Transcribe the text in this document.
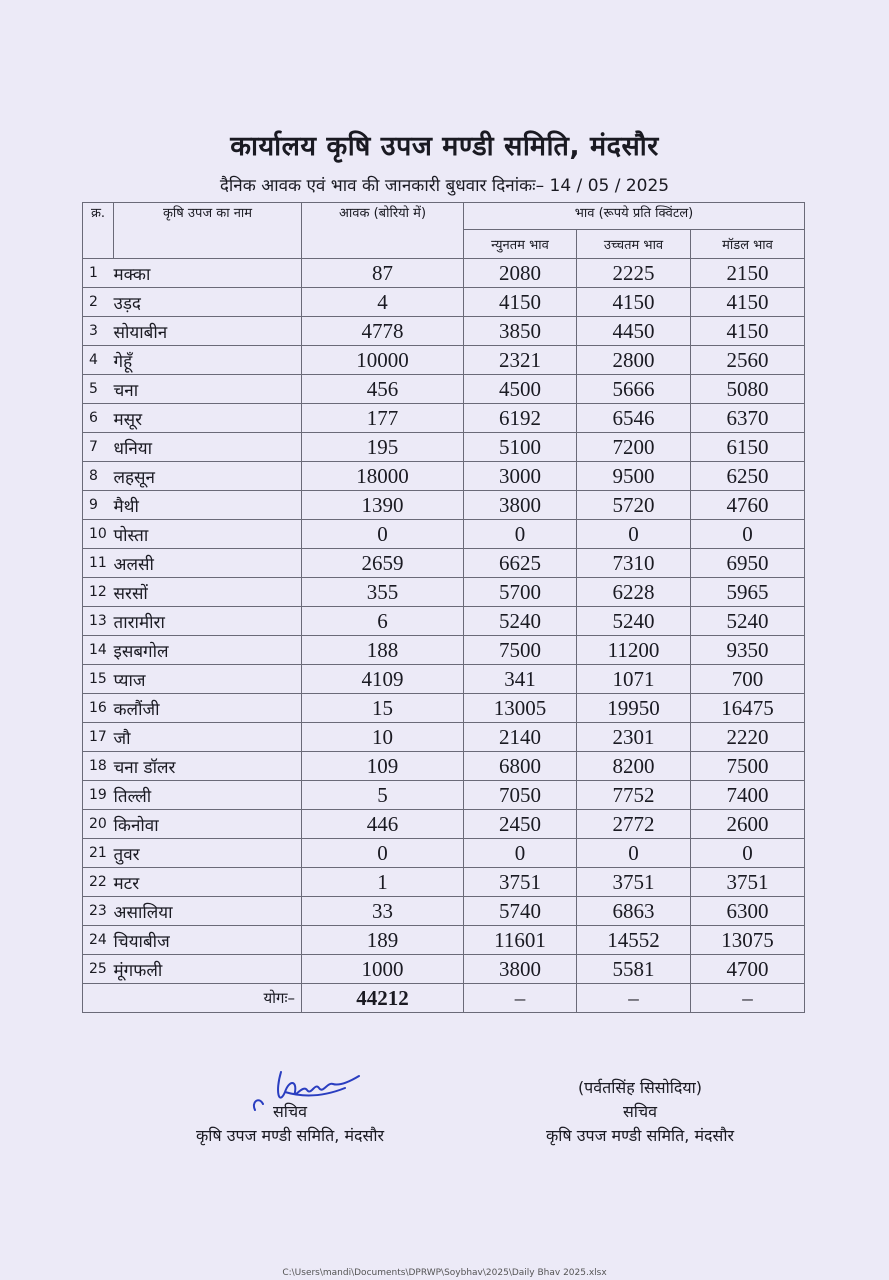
कार्यालय कृषि उपज मण्डी समिति, मंदसौर
दैनिक आवक एवं भाव की जानकारी बुधवार दिनांकः– 14 / 05 / 2025
क्र.	कृषि उपज का नाम	आवक (बोरियो में)	भाव (रूपये प्रति क्विंटल)		
			न्युनतम भाव	उच्चतम भाव	मॉडल भाव
1	मक्का	87	2080	2225	2150
2	उड़द	4	4150	4150	4150
3	सोयाबीन	4778	3850	4450	4150
4	गेहूँ	10000	2321	2800	2560
5	चना	456	4500	5666	5080
6	मसूर	177	6192	6546	6370
7	धनिया	195	5100	7200	6150
8	लहसून	18000	3000	9500	6250
9	मैथी	1390	3800	5720	4760
10	पोस्ता	0	0	0	0
11	अलसी	2659	6625	7310	6950
12	सरसों	355	5700	6228	5965
13	तारामीरा	6	5240	5240	5240
14	इसबगोल	188	7500	11200	9350
15	प्याज	4109	341	1071	700
16	कलौंजी	15	13005	19950	16475
17	जौ	10	2140	2301	2220
18	चना डॉलर	109	6800	8200	7500
19	तिल्ली	5	7050	7752	7400
20	किनोवा	446	2450	2772	2600
21	तुवर	0	0	0	0
22	मटर	1	3751	3751	3751
23	असालिया	33	5740	6863	6300
24	चियाबीज	189	11601	14552	13075
25	मूंगफली	1000	3800	5581	4700
योगः–		44212	–	–	–
सचिव
कृषि उपज मण्डी समिति, मंदसौर
(पर्वतसिंह सिसोदिया)
सचिव
कृषि उपज मण्डी समिति, मंदसौर
C:\Users\mandi\Documents\DPRWP\Soybhav\2025\Daily Bhav 2025.xlsx
